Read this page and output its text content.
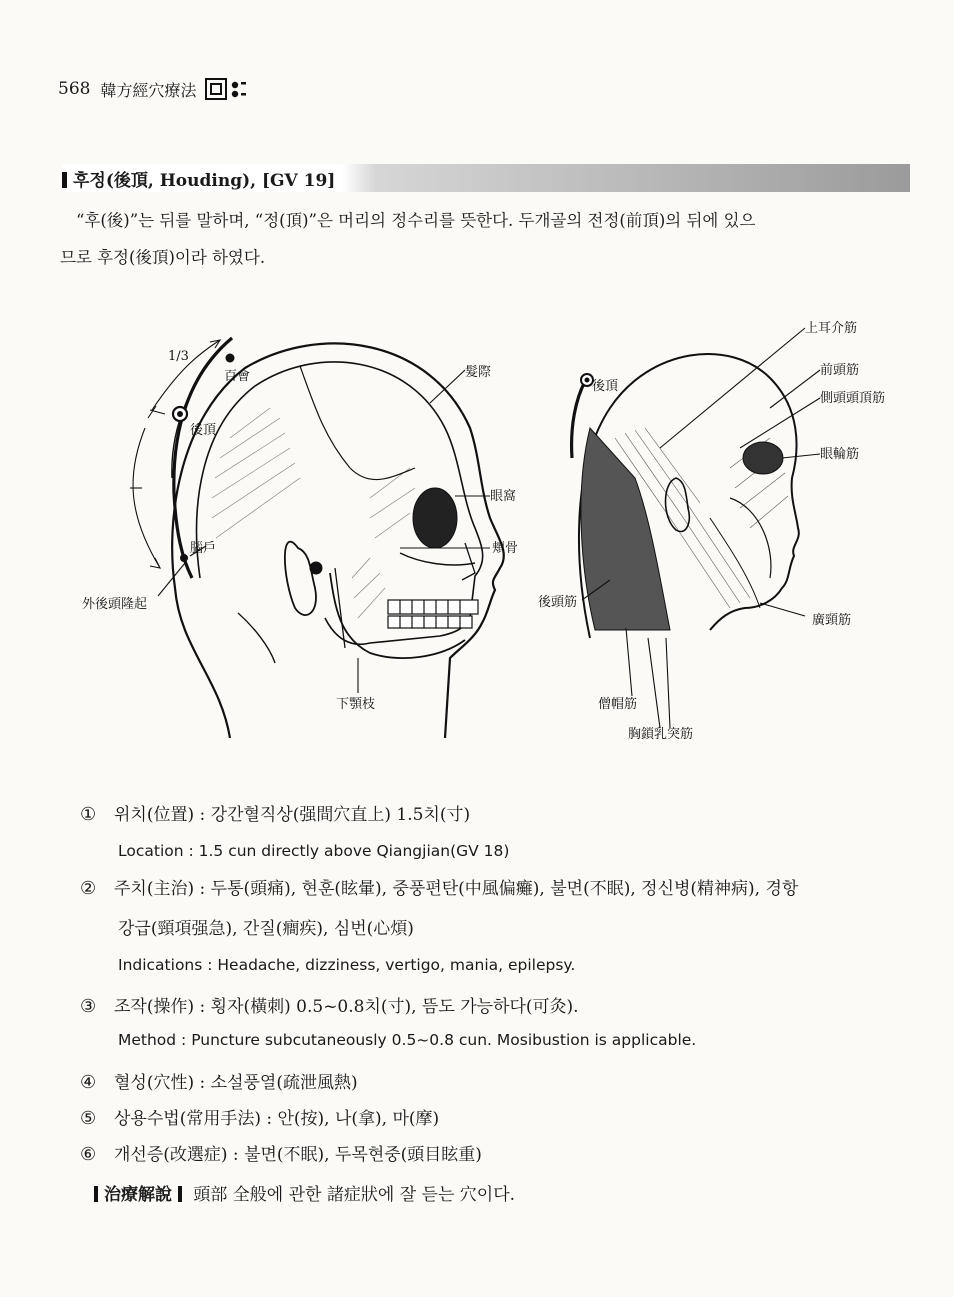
568 韓方經穴療法
후정(後頂, Houding), [GV 19]
“후(後)”는 뒤를 말하며, “정(頂)”은 머리의 정수리를 뜻한다. 두개골의 전정(前頂)의 뒤에 있으
므로 후정(後頂)이라 하였다.
1/3
百會
後頂
腦戶
外後頭隆起
髮際
眼窩
頬骨
下顎枝
後頂
上耳介筋
前頭筋
側頭頭頂筋
眼輪筋
後頭筋
廣頸筋
僧帽筋
胸鎖乳突筋
① 위치(位置) : 강간혈직상(强間穴直上) 1.5치(寸)
Location : 1.5 cun directly above Qiangjian(GV 18)
② 주치(主治) : 두통(頭痛), 현훈(眩暈), 중풍편탄(中風偏癱), 불면(不眠), 정신병(精神病), 경항
강급(頸項强急), 간질(癎疾), 심번(心煩)
Indications : Headache, dizziness, vertigo, mania, epilepsy.
③ 조작(操作) : 횡자(橫刺) 0.5~0.8치(寸), 뜸도 가능하다(可灸).
Method : Puncture subcutaneously 0.5~0.8 cun. Mosibustion is applicable.
④ 혈성(穴性) : 소설풍열(疏泄風熱)
⑤ 상용수법(常用手法) : 안(按), 나(拿), 마(摩)
⑥ 개선증(改選症) : 불면(不眠), 두목현중(頭目眩重)
治療解說 頭部 全般에 관한 諸症狀에 잘 듣는 穴이다.
